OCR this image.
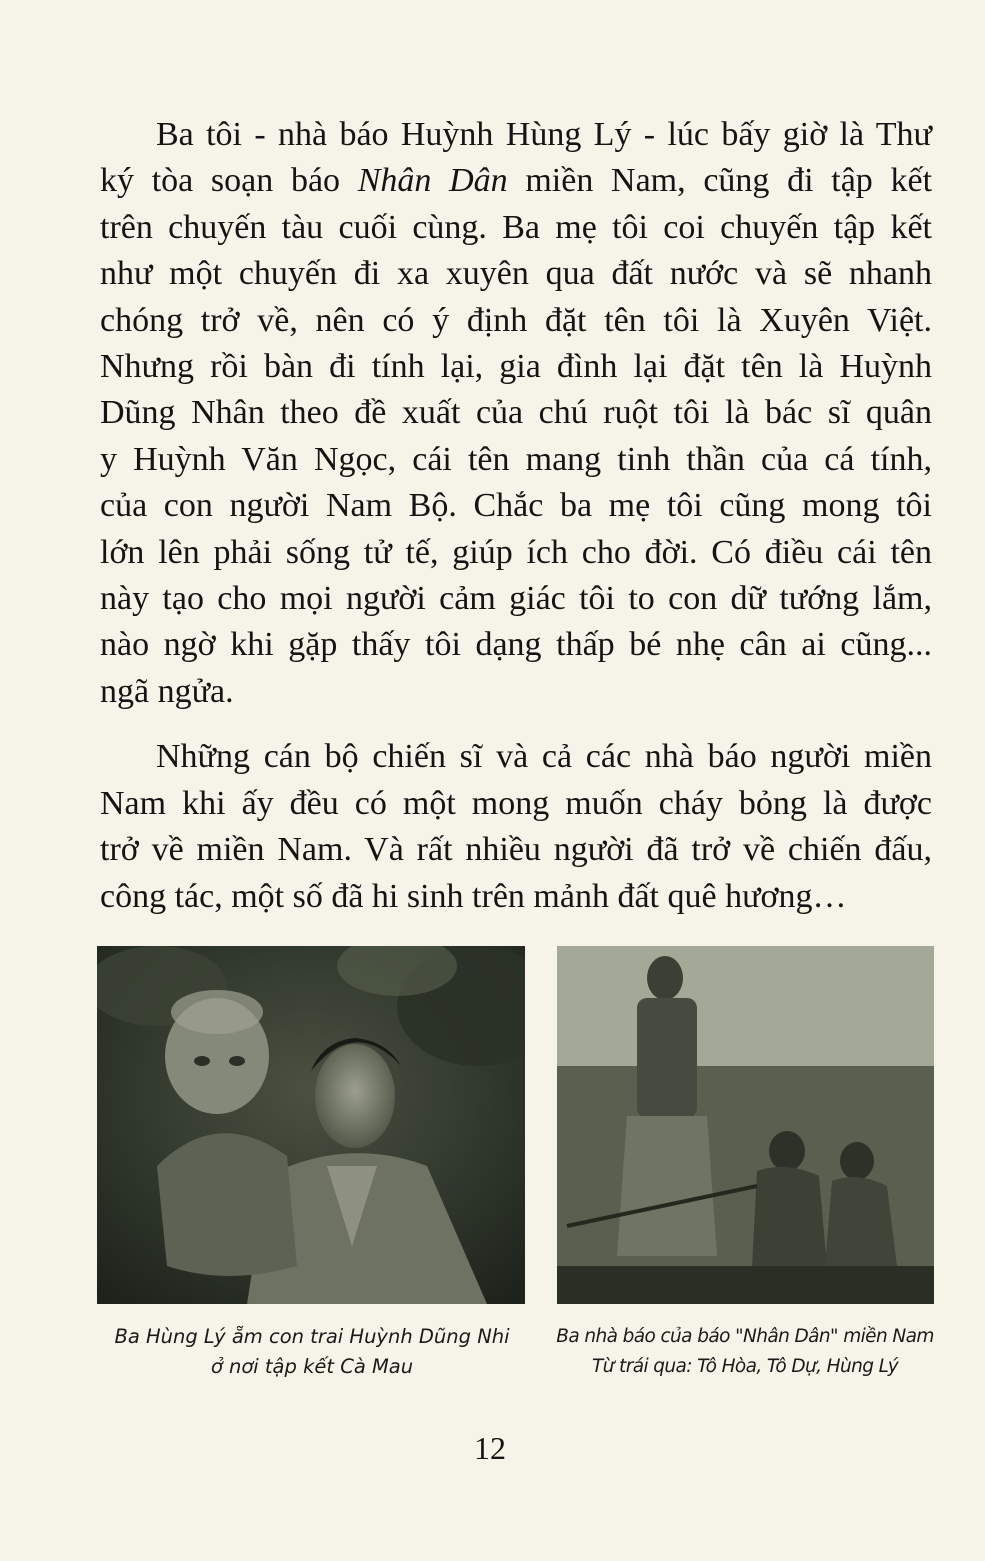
Ba tôi - nhà báo Huỳnh Hùng Lý - lúc bấy giờ là Thư
ký tòa soạn báo Nhân Dân miền Nam, cũng đi tập kết
trên chuyến tàu cuối cùng. Ba mẹ tôi coi chuyến tập kết
như một chuyến đi xa xuyên qua đất nước và sẽ nhanh
chóng trở về, nên có ý định đặt tên tôi là Xuyên Việt.
Nhưng rồi bàn đi tính lại, gia đình lại đặt tên là Huỳnh
Dũng Nhân theo đề xuất của chú ruột tôi là bác sĩ quân
y Huỳnh Văn Ngọc, cái tên mang tinh thần của cá tính,
của con người Nam Bộ. Chắc ba mẹ tôi cũng mong tôi
lớn lên phải sống tử tế, giúp ích cho đời. Có điều cái tên
này tạo cho mọi người cảm giác tôi to con dữ tướng lắm,
nào ngờ khi gặp thấy tôi dạng thấp bé nhẹ cân ai cũng...
ngã ngửa.

Những cán bộ chiến sĩ và cả các nhà báo người miền
Nam khi ấy đều có một mong muốn cháy bỏng là được
trở về miền Nam. Và rất nhiều người đã trở về chiến đấu,
công tác, một số đã hi sinh trên mảnh đất quê hương…

Ba Hùng Lý ẵm con trai Huỳnh Dũng Nhi
ở nơi tập kết Cà Mau
Ba nhà báo của báo "Nhân Dân" miền Nam
Từ trái qua: Tô Hòa, Tô Dự, Hùng Lý
12
